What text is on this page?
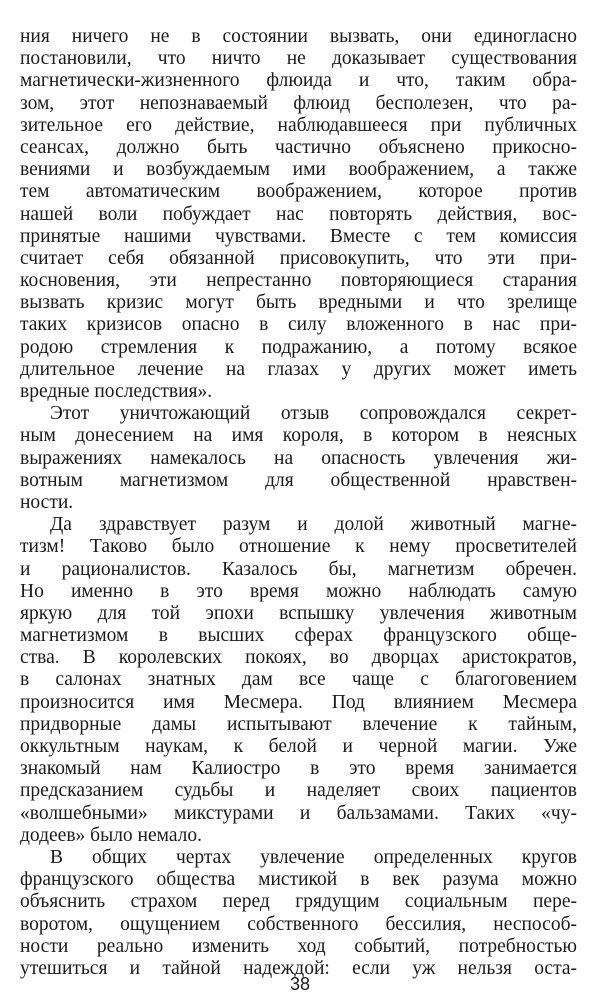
ния ничего не в состоянии вызвать, они единогласно
постановили, что ничто не доказывает существования
магнетически-жизненного флюида и что, таким обра-
зом, этот непознаваемый флюид бесполезен, что ра-
зительное его действие, наблюдавшееся при публичных
сеансах, должно быть частично объяснено прикосно-
вениями и возбуждаемым ими воображением, а также
тем автоматическим воображением, которое против
нашей воли побуждает нас повторять действия, вос-
принятые нашими чувствами. Вместе с тем комиссия
считает себя обязанной присовокупить, что эти при-
косновения, эти непрестанно повторяющиеся старания
вызвать кризис могут быть вредными и что зрелище
таких кризисов опасно в силу вложенного в нас при-
родою стремления к подражанию, а потому всякое
длительное лечение на глазах у других может иметь
вредные последствия».
Этот уничтожающий отзыв сопровождался секрет-
ным донесением на имя короля, в котором в неясных
выражениях намекалось на опасность увлечения жи-
вотным магнетизмом для общественной нравствен-
ности.
Да здравствует разум и долой животный магне-
тизм! Таково было отношение к нему просветителей
и рационалистов. Казалось бы, магнетизм обречен.
Но именно в это время можно наблюдать самую
яркую для той эпохи вспышку увлечения животным
магнетизмом в высших сферах французского обще-
ства. В королевских покоях, во дворцах аристократов,
в салонах знатных дам все чаще с благоговением
произносится имя Месмера. Под влиянием Месмера
придворные дамы испытывают влечение к тайным,
оккультным наукам, к белой и черной магии. Уже
знакомый нам Калиостро в это время занимается
предсказанием судьбы и наделяет своих пациентов
«волшебными» микстурами и бальзамами. Таких «чу-
додеев» было немало.
В общих чертах увлечение определенных кругов
французского общества мистикой в век разума можно
объяснить страхом перед грядущим социальным пере-
воротом, ощущением собственного бессилия, неспособ-
ности реально изменить ход событий, потребностью
утешиться и тайной надеждой: если уж нельзя оста-
38
